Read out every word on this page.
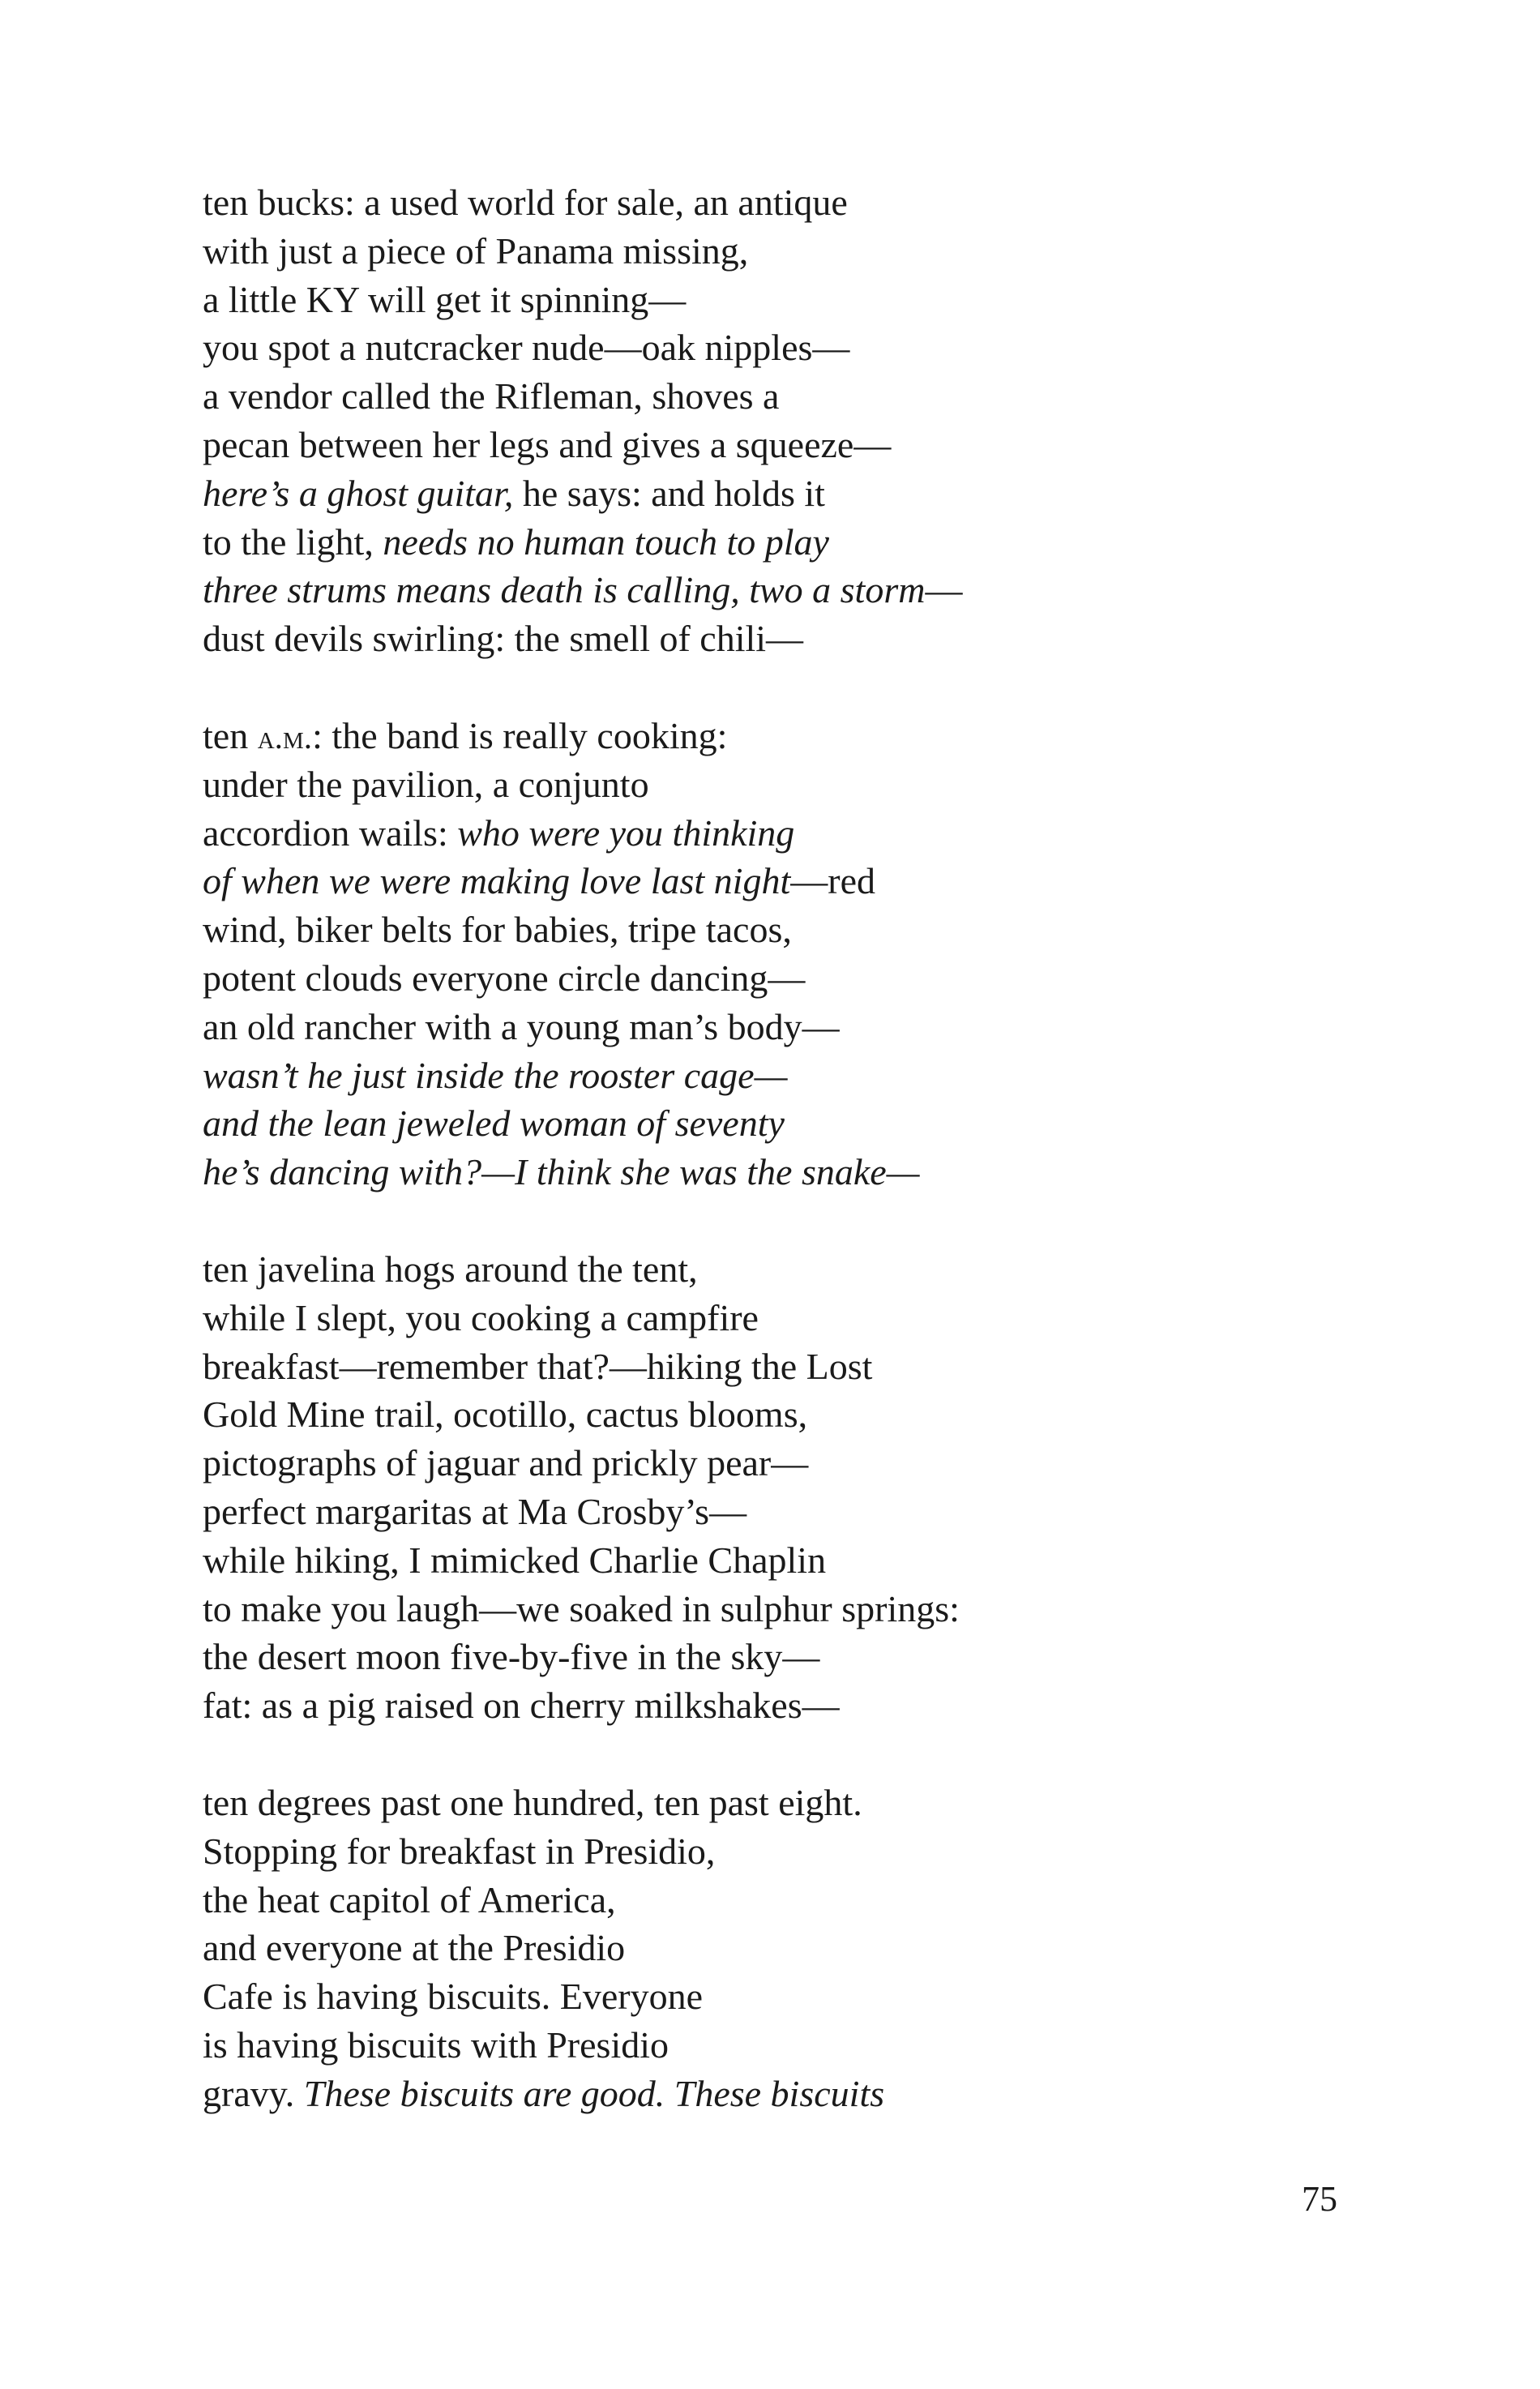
ten bucks: a used world for sale, an antique
with just a piece of Panama missing,
a little KY will get it spinning—
you spot a nutcracker nude—oak nipples—
a vendor called the Rifleman, shoves a
pecan between her legs and gives a squeeze—
here’s a ghost guitar, he says: and holds it
to the light, needs no human touch to play
three strums means death is calling, two a storm—
dust devils swirling: the smell of chili—
ten a.m.: the band is really cooking:
under the pavilion, a conjunto
accordion wails: who were you thinking
of when we were making love last night—red
wind, biker belts for babies, tripe tacos,
potent clouds everyone circle dancing—
an old rancher with a young man’s body—
wasn’t he just inside the rooster cage—
and the lean jeweled woman of seventy
he’s dancing with?—I think she was the snake—
ten javelina hogs around the tent,
while I slept, you cooking a campfire
breakfast—remember that?—hiking the Lost
Gold Mine trail, ocotillo, cactus blooms,
pictographs of jaguar and prickly pear—
perfect margaritas at Ma Crosby’s—
while hiking, I mimicked Charlie Chaplin
to make you laugh—we soaked in sulphur springs:
the desert moon five-by-five in the sky—
fat: as a pig raised on cherry milkshakes—
ten degrees past one hundred, ten past eight.
Stopping for breakfast in Presidio,
the heat capitol of America,
and everyone at the Presidio
Cafe is having biscuits. Everyone
is having biscuits with Presidio
gravy. These biscuits are good. These biscuits
75
